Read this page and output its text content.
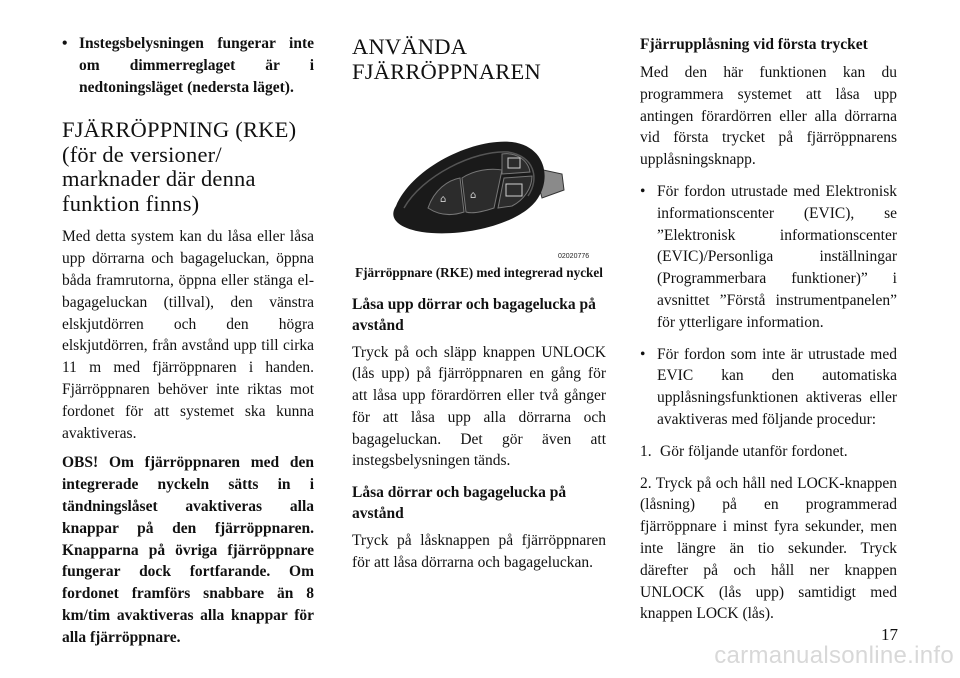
• Instegsbelysningen fungerar inte om dimmerreglaget är i nedtoningsläget (nedersta läget).

FJÄRRÖPPNING (RKE) (för de versioner/ marknader där denna funktion finns)

Med detta system kan du låsa eller låsa upp dörrarna och bagageluckan, öppna båda framrutorna, öppna eller stänga el-bagageluckan (tillval), den vänstra elskjutdörren och den högra elskjutdörren, från avstånd upp till cirka 11 m med fjärröppnaren i handen. Fjärröppnaren behöver inte riktas mot fordonet för att systemet ska kunna avaktiveras.

OBS! Om fjärröppnaren med den integrerade nyckeln sätts in i tändningslåset avaktiveras alla knappar på den fjärröppnaren. Knapparna på övriga fjärröppnare fungerar dock fortfarande. Om fordonet framförs snabbare än 8 km/tim avaktiveras alla knappar för alla fjärröppnare.

ANVÄNDA FJÄRRÖPPNAREN
⌂ ⌂
02020776

Fjärröppnare (RKE) med integrerad nyckel

Låsa upp dörrar och bagagelucka på avstånd

Tryck på och släpp knappen UNLOCK (lås upp) på fjärröppnaren en gång för att låsa upp förardörren eller två gånger för att låsa upp alla dörrarna och bagageluckan. Det gör även att instegsbelysningen tänds.

Låsa dörrar och bagagelucka på avstånd

Tryck på låsknappen på fjärröppnaren för att låsa dörrarna och bagageluckan.

Fjärrupplåsning vid första trycket

Med den här funktionen kan du programmera systemet att låsa upp antingen förardörren eller alla dörrarna vid första trycket på fjärröppnarens upplåsningsknapp.

• För fordon utrustade med Elektronisk informationscenter (EVIC), se ”Elektronisk informationscenter (EVIC)/Personliga inställningar (Programmerbara funktioner)” i avsnittet ”Förstå instrumentpanelen” för ytterligare information.

• För fordon som inte är utrustade med EVIC kan den automatiska upplåsningsfunktionen aktiveras eller avaktiveras med följande procedur:

1. Gör följande utanför fordonet.

2. Tryck på och håll ned LOCK-knappen (låsning) på en programmerad fjärröppnare i minst fyra sekunder, men inte längre än tio sekunder. Tryck därefter på och håll ner knappen UNLOCK (lås upp) samtidigt med knappen LOCK (lås).

17
carmanualsonline.info
